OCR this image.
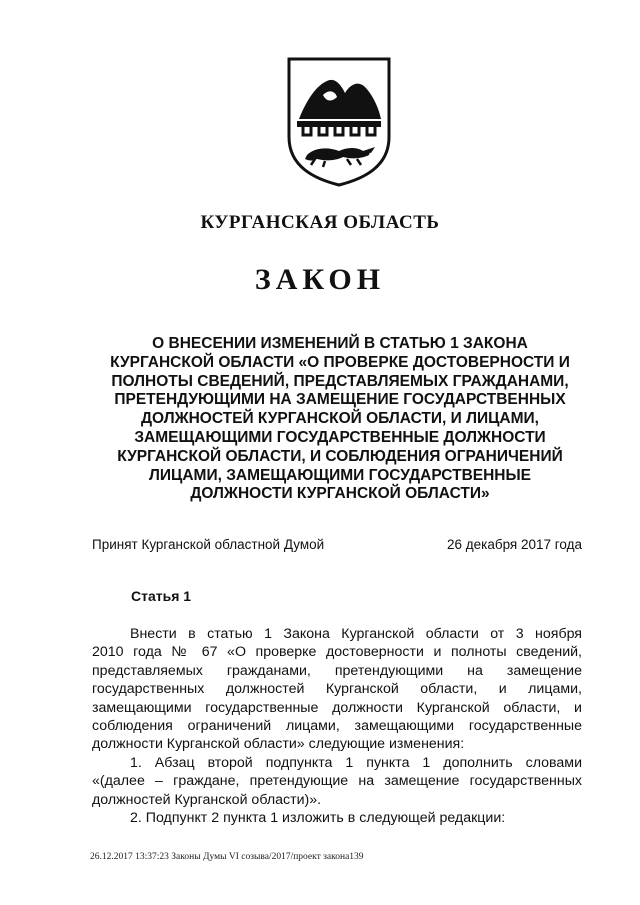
КУРГАНСКАЯ ОБЛАСТЬ
ЗАКОН
О ВНЕСЕНИИ ИЗМЕНЕНИЙ В СТАТЬЮ 1 ЗАКОНА
КУРГАНСКОЙ ОБЛАСТИ «О ПРОВЕРКЕ ДОСТОВЕРНОСТИ И
ПОЛНОТЫ СВЕДЕНИЙ, ПРЕДСТАВЛЯЕМЫХ ГРАЖДАНАМИ,
ПРЕТЕНДУЮЩИМИ НА ЗАМЕЩЕНИЕ ГОСУДАРСТВЕННЫХ
ДОЛЖНОСТЕЙ КУРГАНСКОЙ ОБЛАСТИ, И ЛИЦАМИ,
ЗАМЕЩАЮЩИМИ ГОСУДАРСТВЕННЫЕ ДОЛЖНОСТИ
КУРГАНСКОЙ ОБЛАСТИ, И СОБЛЮДЕНИЯ ОГРАНИЧЕНИЙ
ЛИЦАМИ, ЗАМЕЩАЮЩИМИ ГОСУДАРСТВЕННЫЕ
ДОЛЖНОСТИ КУРГАНСКОЙ ОБЛАСТИ»
Принят Курганской областной Думой	26 декабря 2017 года
Статья 1
Внести в статью 1 Закона Курганской области от 3 ноября
2010 года № 67 «О проверке достоверности и полноты сведений,
представляемых гражданами, претендующими на замещение
государственных должностей Курганской области, и лицами,
замещающими государственные должности Курганской области, и
соблюдения ограничений лицами, замещающими государственные
должности Курганской области» следующие изменения:
1. Абзац второй подпункта 1 пункта 1 дополнить словами
«(далее – граждане, претендующие на замещение государственных
должностей Курганской области)».
2. Подпункт 2 пункта 1 изложить в следующей редакции:
26.12.2017 13:37:23 Законы Думы VI созыва/2017/проект закона139
